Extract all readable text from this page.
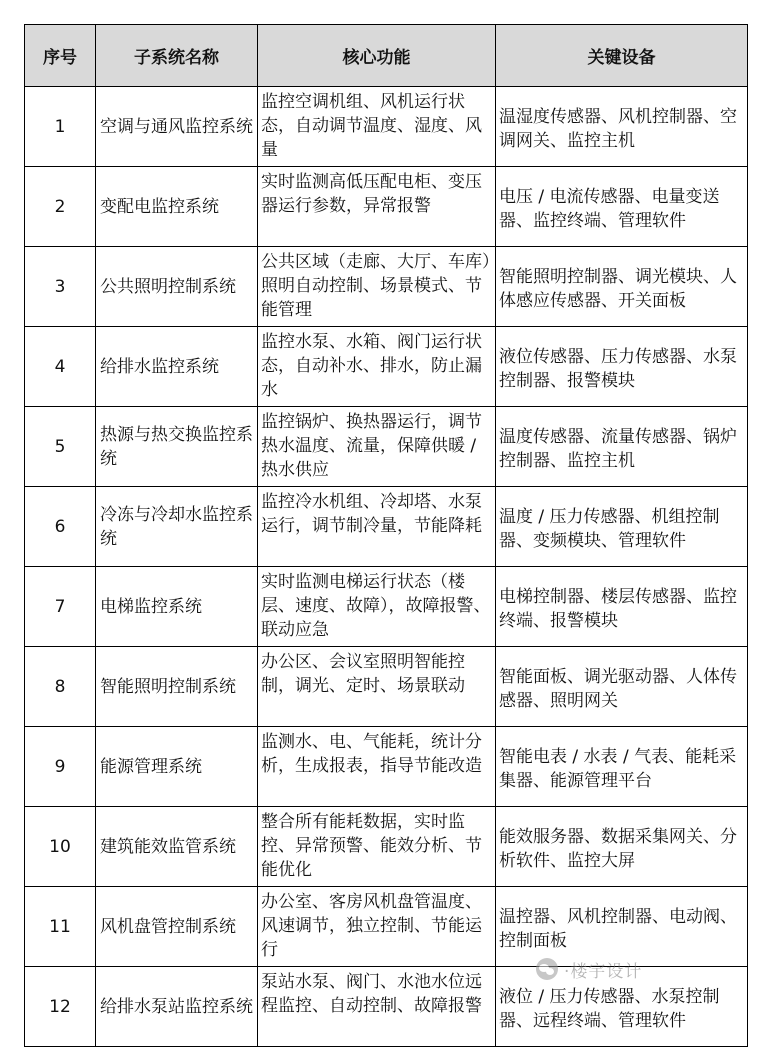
序号	子系统名称	核心功能	关键设备
1	空调与通风监控系统	监控空调机组、风机运行状态，自动调节温度、湿度、风量	温湿度传感器、风机控制器、空调网关、监控主机
2	变配电监控系统	实时监测高低压配电柜、变压器运行参数，异常报警	电压 / 电流传感器、电量变送器、监控终端、管理软件
3	公共照明控制系统	公共区域（走廊、大厅、车库）照明自动控制、场景模式、节能管理	智能照明控制器、调光模块、人体感应传感器、开关面板
4	给排水监控系统	监控水泵、水箱、阀门运行状态，自动补水、排水，防止漏水	液位传感器、压力传感器、水泵控制器、报警模块
5	热源与热交换监控系统	监控锅炉、换热器运行，调节热水温度、流量，保障供暖 / 热水供应	温度传感器、流量传感器、锅炉控制器、监控主机
6	冷冻与冷却水监控系统	监控冷水机组、冷却塔、水泵运行，调节制冷量，节能降耗	温度 / 压力传感器、机组控制器、变频模块、管理软件
7	电梯监控系统	实时监测电梯运行状态（楼层、速度、故障），故障报警、联动应急	电梯控制器、楼层传感器、监控终端、报警模块
8	智能照明控制系统	办公区、会议室照明智能控制，调光、定时、场景联动	智能面板、调光驱动器、人体传感器、照明网关
9	能源管理系统	监测水、电、气能耗，统计分析，生成报表，指导节能改造	智能电表 / 水表 / 气表、能耗采集器、能源管理平台
10	建筑能效监管系统	整合所有能耗数据，实时监控、异常预警、能效分析、节能优化	能效服务器、数据采集网关、分析软件、监控大屏
11	风机盘管控制系统	办公室、客房风机盘管温度、风速调节，独立控制、节能运行	温控器、风机控制器、电动阀、控制面板
12	给排水泵站监控系统	泵站水泵、阀门、水池水位远程监控、自动控制、故障报警	液位 / 压力传感器、水泵控制器、远程终端、管理软件
·楼宇设计
